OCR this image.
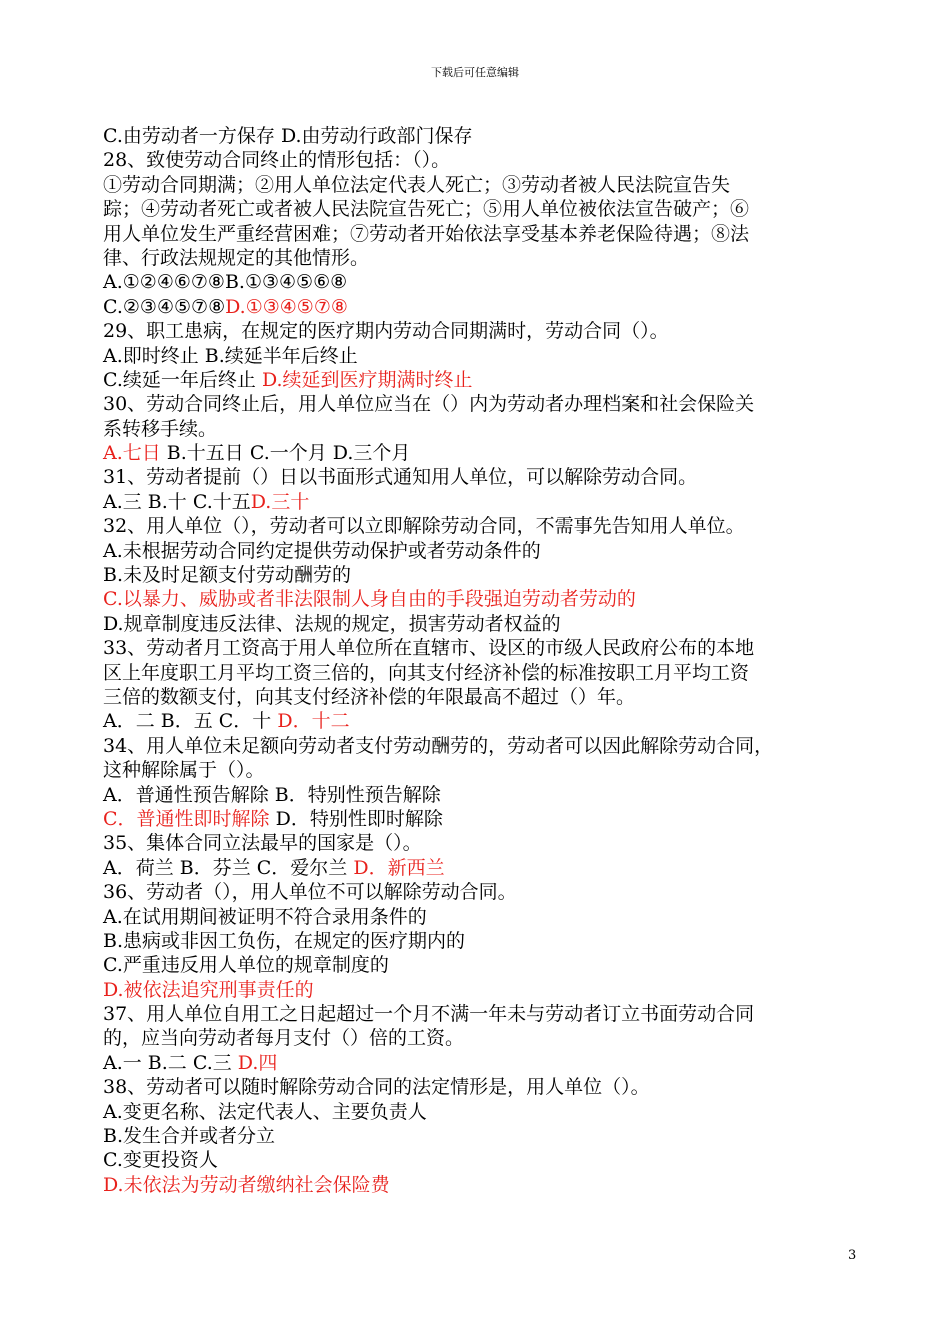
下载后可任意编辑
C.由劳动者一方保存 D.由劳动行政部门保存
28、致使劳动合同终止的情形包括：（）。
①劳动合同期满；②用人单位法定代表人死亡；③劳动者被人民法院宣告失
踪；④劳动者死亡或者被人民法院宣告死亡；⑤用人单位被依法宣告破产；⑥
用人单位发生严重经营困难；⑦劳动者开始依法享受基本养老保险待遇；⑧法
律、行政法规规定的其他情形。
A.①②④⑥⑦⑧B.①③④⑤⑥⑧
C.②③④⑤⑦⑧D.①③④⑤⑦⑧
29、职工患病，在规定的医疗期内劳动合同期满时，劳动合同（）。
A.即时终止 B.续延半年后终止
C.续延一年后终止 D.续延到医疗期满时终止
30、劳动合同终止后，用人单位应当在（）内为劳动者办理档案和社会保险关
系转移手续。
A.七日 B.十五日 C.一个月 D.三个月
31、劳动者提前（）日以书面形式通知用人单位，可以解除劳动合同。
A.三 B.十 C.十五D.三十
32、用人单位（），劳动者可以立即解除劳动合同，不需事先告知用人单位。
A.未根据劳动合同约定提供劳动保护或者劳动条件的
B.未及时足额支付劳动酬劳的
C.以暴力、威胁或者非法限制人身自由的手段强迫劳动者劳动的
D.规章制度违反法律、法规的规定，损害劳动者权益的
33、劳动者月工资高于用人单位所在直辖市、设区的市级人民政府公布的本地
区上年度职工月平均工资三倍的，向其支付经济补偿的标准按职工月平均工资
三倍的数额支付，向其支付经济补偿的年限最高不超过（）年。
A．二 B．五 C．十 D．十二
34、用人单位未足额向劳动者支付劳动酬劳的，劳动者可以因此解除劳动合同，
这种解除属于（）。
A．普通性预告解除 B．特别性预告解除
C．普通性即时解除 D．特别性即时解除
35、集体合同立法最早的国家是（）。
A．荷兰 B．芬兰 C．爱尔兰 D．新西兰
36、劳动者（），用人单位不可以解除劳动合同。
A.在试用期间被证明不符合录用条件的
B.患病或非因工负伤，在规定的医疗期内的
C.严重违反用人单位的规章制度的
D.被依法追究刑事责任的
37、用人单位自用工之日起超过一个月不满一年未与劳动者订立书面劳动合同
的，应当向劳动者每月支付（）倍的工资。
A.一 B.二 C.三 D.四
38、劳动者可以随时解除劳动合同的法定情形是，用人单位（）。
A.变更名称、法定代表人、主要负责人
B.发生合并或者分立
C.变更投资人
D.未依法为劳动者缴纳社会保险费
3
